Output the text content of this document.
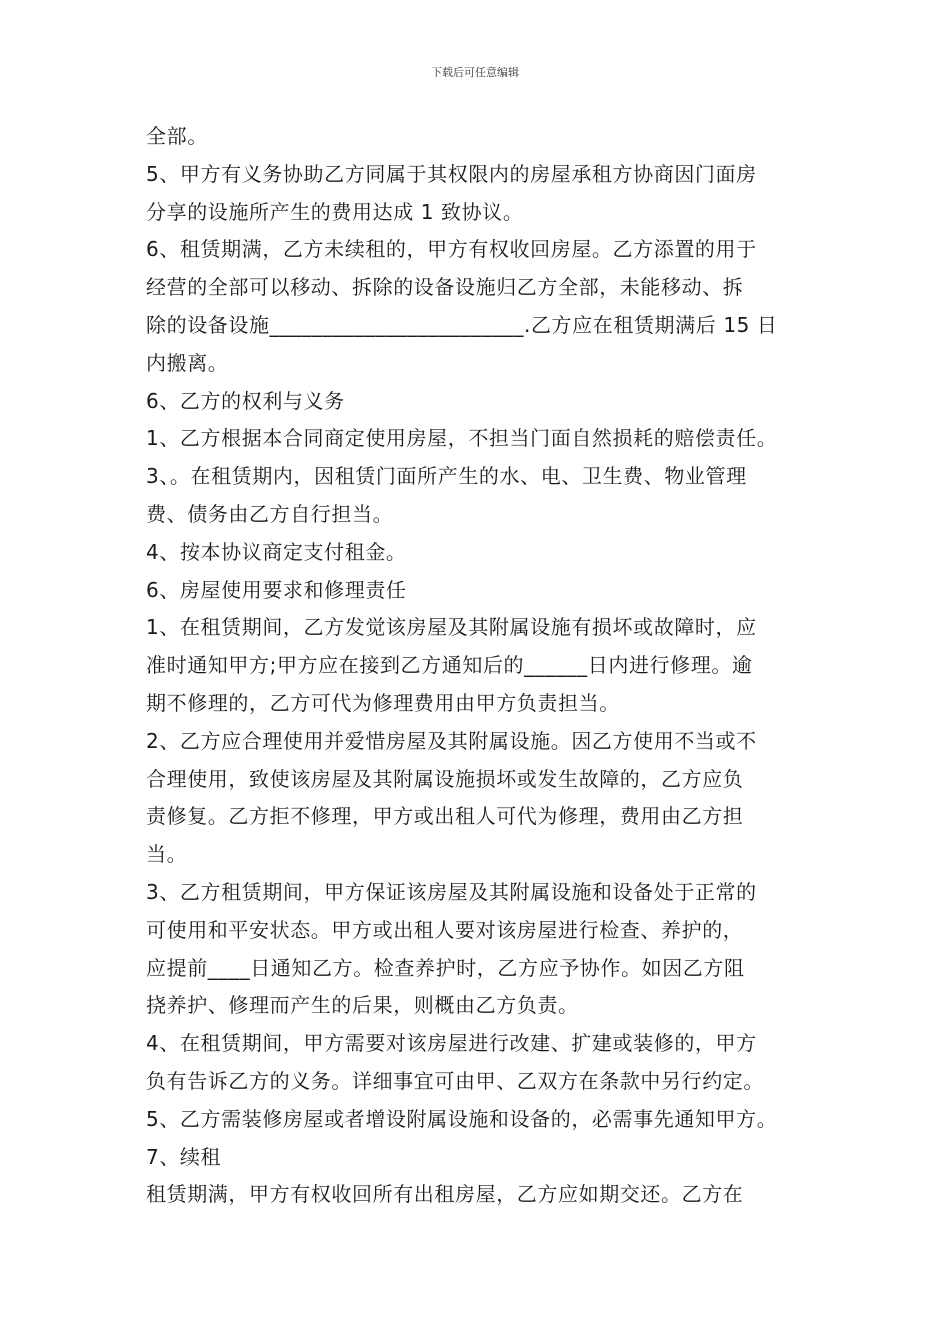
下载后可任意编辑
全部。
5、甲方有义务协助乙方同属于其权限内的房屋承租方协商因门面房
分享的设施所产生的费用达成 1 致协议。
6、租赁期满，乙方未续租的，甲方有权收回房屋。乙方添置的用于
经营的全部可以移动、拆除的设备设施归乙方全部，未能移动、拆
除的设备设施________________________.乙方应在租赁期满后 15 日
内搬离。
6、乙方的权利与义务
1、乙方根据本合同商定使用房屋，不担当门面自然损耗的赔偿责任。
3、。在租赁期内，因租赁门面所产生的水、电、卫生费、物业管理
费、债务由乙方自行担当。
4、按本协议商定支付租金。
6、房屋使用要求和修理责任
1、在租赁期间，乙方发觉该房屋及其附属设施有损坏或故障时，应
准时通知甲方;甲方应在接到乙方通知后的______日内进行修理。逾
期不修理的，乙方可代为修理费用由甲方负责担当。
2、乙方应合理使用并爱惜房屋及其附属设施。因乙方使用不当或不
合理使用，致使该房屋及其附属设施损坏或发生故障的，乙方应负
责修复。乙方拒不修理，甲方或出租人可代为修理，费用由乙方担
当。
3、乙方租赁期间，甲方保证该房屋及其附属设施和设备处于正常的
可使用和平安状态。甲方或出租人要对该房屋进行检查、养护的，
应提前____日通知乙方。检查养护时，乙方应予协作。如因乙方阻
挠养护、修理而产生的后果，则概由乙方负责。
4、在租赁期间，甲方需要对该房屋进行改建、扩建或装修的，甲方
负有告诉乙方的义务。详细事宜可由甲、乙双方在条款中另行约定。
5、乙方需装修房屋或者增设附属设施和设备的，必需事先通知甲方。
7、续租
租赁期满，甲方有权收回所有出租房屋，乙方应如期交还。乙方在
